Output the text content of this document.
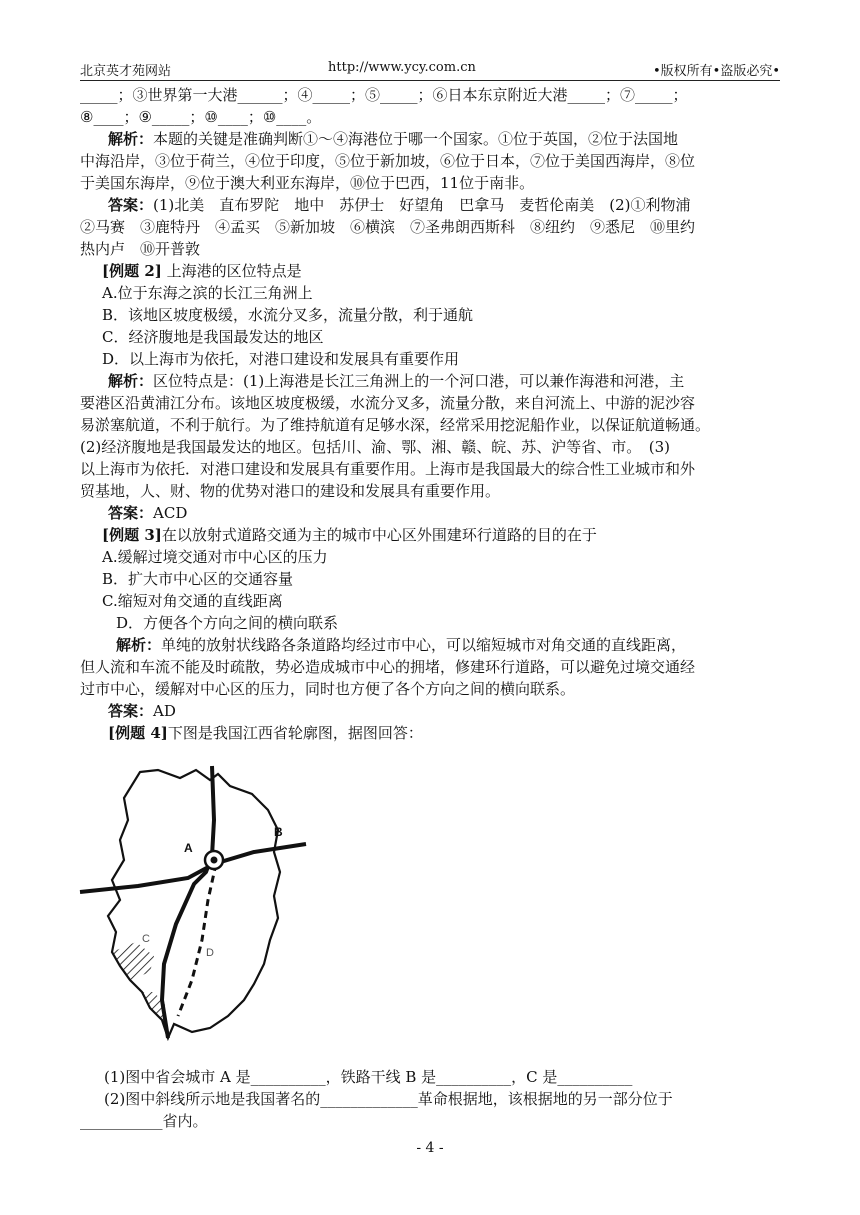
北京英才苑网站	http://www.ycy.com.cn	•版权所有•盗版必究•
_____；③世界第一大港______；④_____；⑤_____；⑥日本东京附近大港_____；⑦_____；
⑧____；⑨_____；⑩____；⑩____。
解析：本题的关键是准确判断①～④海港位于哪一个国家。①位于英国，②位于法国地
中海沿岸，③位于荷兰，④位于印度，⑤位于新加坡，⑥位于日本，⑦位于美国西海岸，⑧位
于美国东海岸，⑨位于澳大利亚东海岸，⑩位于巴西，11位于南非。
答案：(1)北美　直布罗陀　地中　苏伊士　好望角　巴拿马　麦哲伦南美　(2)①利物浦
②马赛　③鹿特丹　④孟买　⑤新加坡　⑥横滨　⑦圣弗朗西斯科　⑧纽约　⑨悉尼　⑩里约
热内卢　⑩开普敦
[例题 2] 上海港的区位特点是
A.位于东海之滨的长江三角洲上
B．该地区坡度极缓，水流分叉多，流量分散，利于通航
C．经济腹地是我国最发达的地区
D．以上海市为依托，对港口建设和发展具有重要作用
解析：区位特点是：(1)上海港是长江三角洲上的一个河口港，可以兼作海港和河港，主
要港区沿黄浦江分布。该地区坡度极缓，水流分叉多，流量分散，来自河流上、中游的泥沙容
易淤塞航道，不利于航行。为了维持航道有足够水深，经常采用挖泥船作业，以保证航道畅通。
(2)经济腹地是我国最发达的地区。包括川、渝、鄂、湘、赣、皖、苏、沪等省、市。　(3)
以上海市为依托．对港口建设和发展具有重要作用。上海市是我国最大的综合性工业城市和外
贸基地，人、财、物的优势对港口的建设和发展具有重要作用。
答案：ACD
[例题 3]在以放射式道路交通为主的城市中心区外围建环行道路的目的在于
A.缓解过境交通对市中心区的压力
B．扩大市中心区的交通容量
C.缩短对角交通的直线距离
D．方便各个方向之间的横向联系
解析：单纯的放射状线路各条道路均经过市中心，可以缩短城市对角交通的直线距离，
但人流和车流不能及时疏散，势必造成城市中心的拥堵，修建环行道路，可以避免过境交通经
过市中心，缓解对中心区的压力，同时也方便了各个方向之间的横向联系。
答案：AD
[例题 4]下图是我国江西省轮廓图，据图回答：
A
B
C
D
(1)图中省会城市 A 是__________，铁路干线 B 是__________，C 是__________
(2)图中斜线所示地是我国著名的_____________革命根据地，该根据地的另一部分位于
___________省内。
- 4 -
